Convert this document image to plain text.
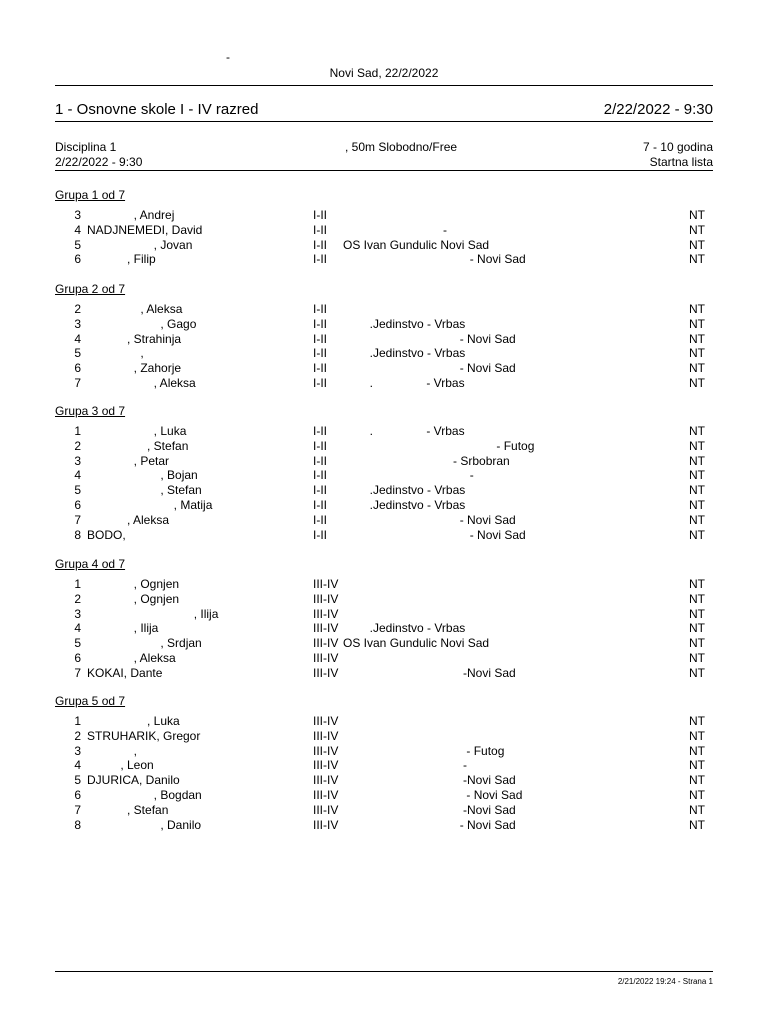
-
Novi Sad, 22/2/2022
1 - Osnovne skole I - IV razred	2/22/2022 - 9:30
Disciplina 1	, 50m Slobodno/Free	7 - 10 godina
2/22/2022 - 9:30	Startna lista
Grupa 1 od 7
3 , Andrej	I-II	NT
4 NADJNEMEDI, David	I-II -	NT
5 , Jovan	I-II OS Ivan Gundulic Novi Sad	NT
6 , Filip	I-II - Novi Sad	NT
Grupa 2 od 7
2 , Aleksa	I-II	NT
3 , Gago	I-II .Jedinstvo - Vrbas	NT
4 , Strahinja	I-II - Novi Sad	NT
5 ,	I-II .Jedinstvo - Vrbas	NT
6 , Zahorje	I-II - Novi Sad	NT
7 , Aleksa	I-II .                - Vrbas	NT
Grupa 3 od 7
1 , Luka	I-II .                - Vrbas	NT
2 , Stefan	I-II - Futog	NT
3 , Petar	I-II - Srbobran	NT
4 , Bojan	I-II -	NT
5 , Stefan	I-II .Jedinstvo - Vrbas	NT
6 , Matija	I-II .Jedinstvo - Vrbas	NT
7 , Aleksa	I-II - Novi Sad	NT
8 BODO,	I-II - Novi Sad	NT
Grupa 4 od 7
1 , Ognjen	III-IV	NT
2 , Ognjen	III-IV	NT
3 , Ilija	III-IV	NT
4 , Ilija	III-IV .Jedinstvo - Vrbas	NT
5 , Srdjan	III-IV OS Ivan Gundulic Novi Sad	NT
6 , Aleksa	III-IV	NT
7 KOKAI, Dante	III-IV -Novi Sad	NT
Grupa 5 od 7
1 , Luka	III-IV	NT
2 STRUHARIK, Gregor	III-IV	NT
3 ,	III-IV - Futog	NT
4 , Leon	III-IV -	NT
5 DJURICA, Danilo	III-IV -Novi Sad	NT
6 , Bogdan	III-IV - Novi Sad	NT
7 , Stefan	III-IV -Novi Sad	NT
8 , Danilo	III-IV - Novi Sad	NT
2/21/2022 19:24 - Strana 1
